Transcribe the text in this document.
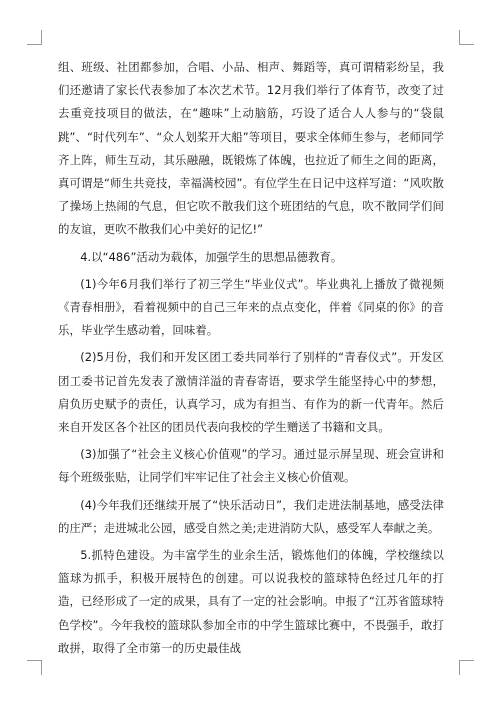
组、班级、社团都参加，合唱、小品、相声、舞蹈等，真可谓精彩纷呈，我们还邀请了家长代表参加了本次艺术节。12月我们举行了体育节，改变了过去重竞技项目的做法，在“趣味”上动脑筋，巧设了适合人人参与的“袋鼠跳”、“时代列车”、“众人划桨开大船”等项目，要求全体师生参与，老师同学齐上阵，师生互动，其乐融融，既锻炼了体魄，也拉近了师生之间的距离，真可谓是“师生共竞技，幸福满校园”。有位学生在日记中这样写道：“风吹散了操场上热闹的气息，但它吹不散我们这个班团结的气息，吹不散同学们间的友谊，更吹不散我们心中美好的记忆!”

4.以“486”活动为载体，加强学生的思想品德教育。

(1)今年6月我们举行了初三学生“毕业仪式”。毕业典礼上播放了微视频《青春相册》，看着视频中的自己三年来的点点变化，伴着《同桌的你》的音乐，毕业学生感动着，回味着。

(2)5月份，我们和开发区团工委共同举行了别样的“青春仪式”。开发区团工委书记首先发表了激情洋溢的青春寄语，要求学生能坚持心中的梦想，肩负历史赋予的责任，认真学习，成为有担当、有作为的新一代青年。然后来自开发区各个社区的团员代表向我校的学生赠送了书籍和文具。

(3)加强了“社会主义核心价值观”的学习。通过显示屏呈现、班会宣讲和每个班级张贴，让同学们牢牢记住了社会主义核心价值观。

(4)今年我们还继续开展了“快乐活动日”，我们走进法制基地，感受法律的庄严；走进城北公园，感受自然之美;走进消防大队，感受军人奉献之美。

5.抓特色建设。为丰富学生的业余生活，锻炼他们的体魄，学校继续以篮球为抓手，积极开展特色的创建。可以说我校的篮球特色经过几年的打造，已经形成了一定的成果，具有了一定的社会影响。申报了“江苏省篮球特色学校”。今年我校的篮球队参加全市的中学生篮球比赛中，不畏强手，敢打敢拼，取得了全市第一的历史最佳战
